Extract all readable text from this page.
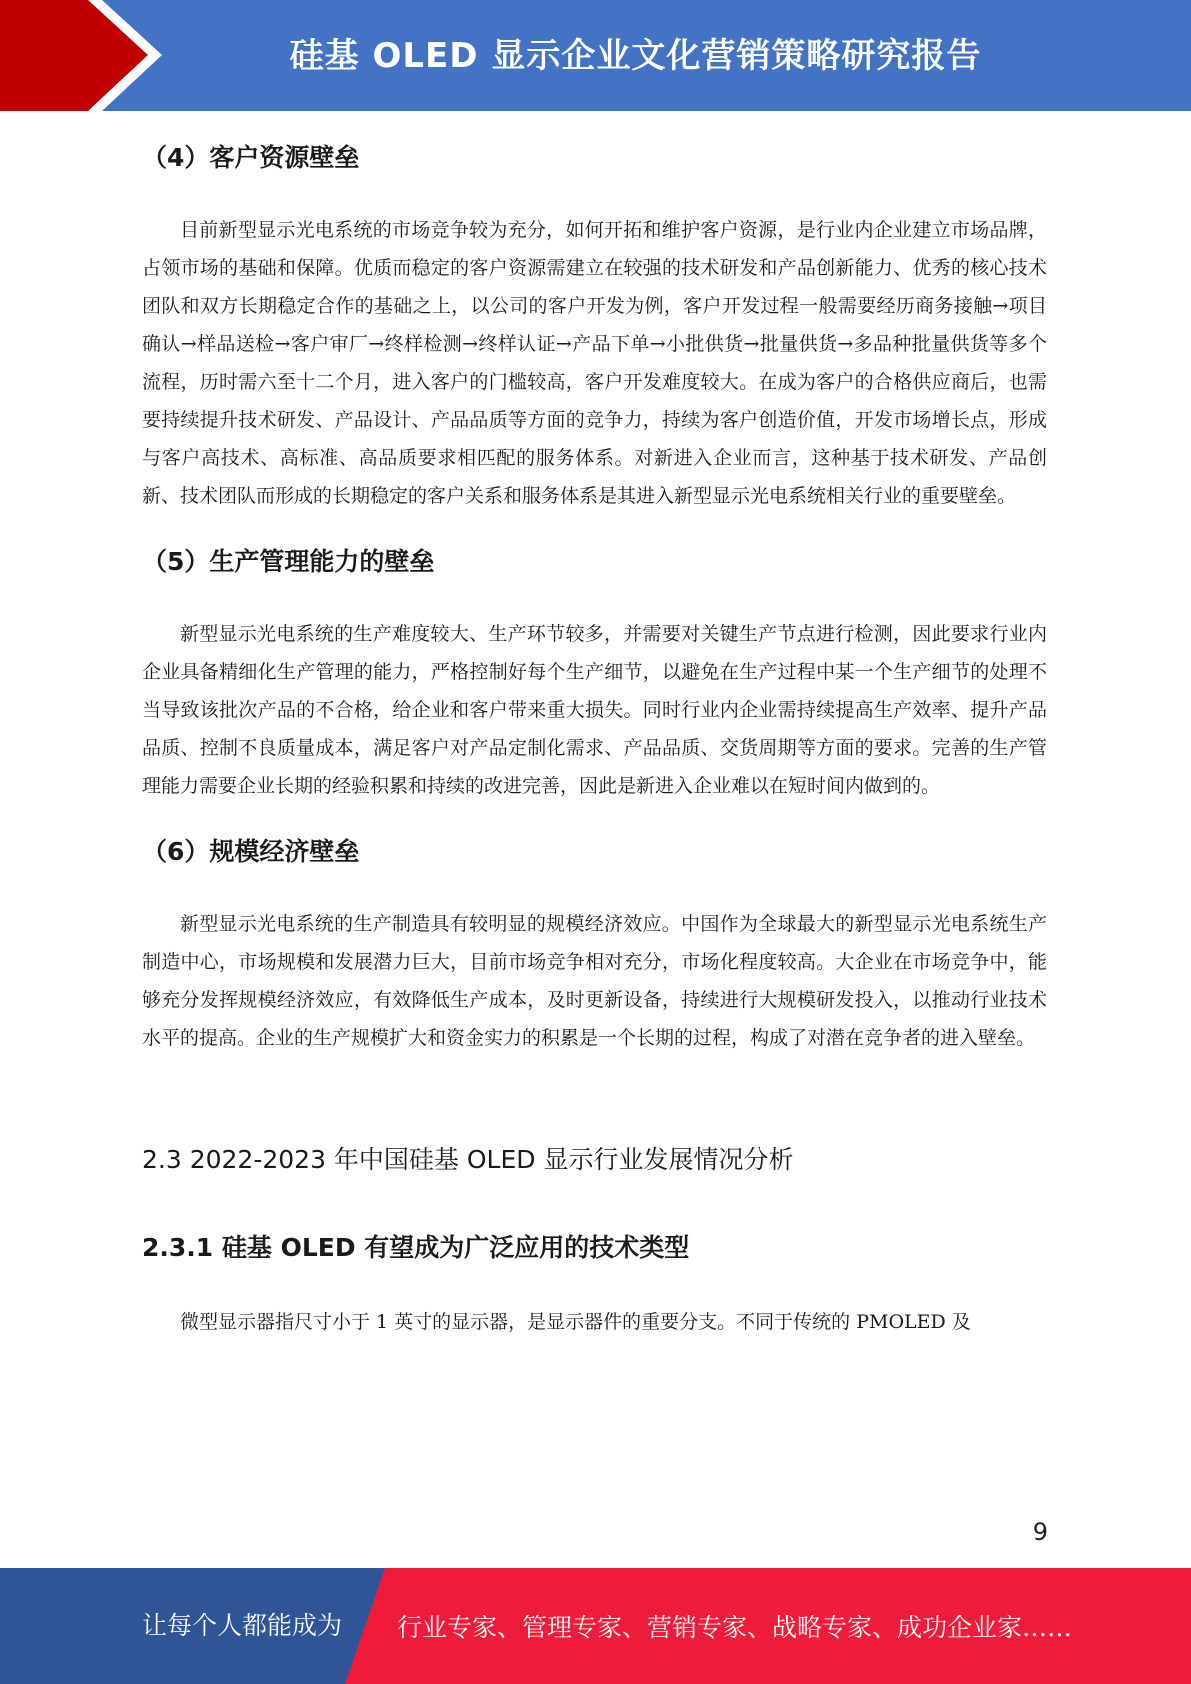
硅基 OLED 显示企业文化营销策略研究报告
（4）客户资源壁垒

目前新型显示光电系统的市场竞争较为充分，如何开拓和维护客户资源，是行业内企业建立市场品牌，占领市场的基础和保障。优质而稳定的客户资源需建立在较强的技术研发和产品创新能力、优秀的核心技术团队和双方长期稳定合作的基础之上，以公司的客户开发为例，客户开发过程一般需要经历商务接触→项目确认→样品送检→客户审厂→终样检测→终样认证→产品下单→小批供货→批量供货→多品种批量供货等多个流程，历时需六至十二个月，进入客户的门槛较高，客户开发难度较大。在成为客户的合格供应商后，也需要持续提升技术研发、产品设计、产品品质等方面的竞争力，持续为客户创造价值，开发市场增长点，形成与客户高技术、高标准、高品质要求相匹配的服务体系。对新进入企业而言，这种基于技术研发、产品创新、技术团队而形成的长期稳定的客户关系和服务体系是其进入新型显示光电系统相关行业的重要壁垒。

（5）生产管理能力的壁垒

新型显示光电系统的生产难度较大、生产环节较多，并需要对关键生产节点进行检测，因此要求行业内企业具备精细化生产管理的能力，严格控制好每个生产细节，以避免在生产过程中某一个生产细节的处理不当导致该批次产品的不合格，给企业和客户带来重大损失。同时行业内企业需持续提高生产效率、提升产品品质、控制不良质量成本，满足客户对产品定制化需求、产品品质、交货周期等方面的要求。完善的生产管理能力需要企业长期的经验积累和持续的改进完善，因此是新进入企业难以在短时间内做到的。

（6）规模经济壁垒

新型显示光电系统的生产制造具有较明显的规模经济效应。中国作为全球最大的新型显示光电系统生产制造中心，市场规模和发展潜力巨大，目前市场竞争相对充分，市场化程度较高。大企业在市场竞争中，能够充分发挥规模经济效应，有效降低生产成本，及时更新设备，持续进行大规模研发投入，以推动行业技术水平的提高。企业的生产规模扩大和资金实力的积累是一个长期的过程，构成了对潜在竞争者的进入壁垒。

2.3 2022-2023 年中国硅基 OLED 显示行业发展情况分析
2.3.1 硅基 OLED 有望成为广泛应用的技术类型

微型显示器指尺寸小于 1 英寸的显示器，是显示器件的重要分支。不同于传统的 PMOLED 及

9
让每个人都能成为 行业专家、管理专家、营销专家、战略专家、成功企业家……
